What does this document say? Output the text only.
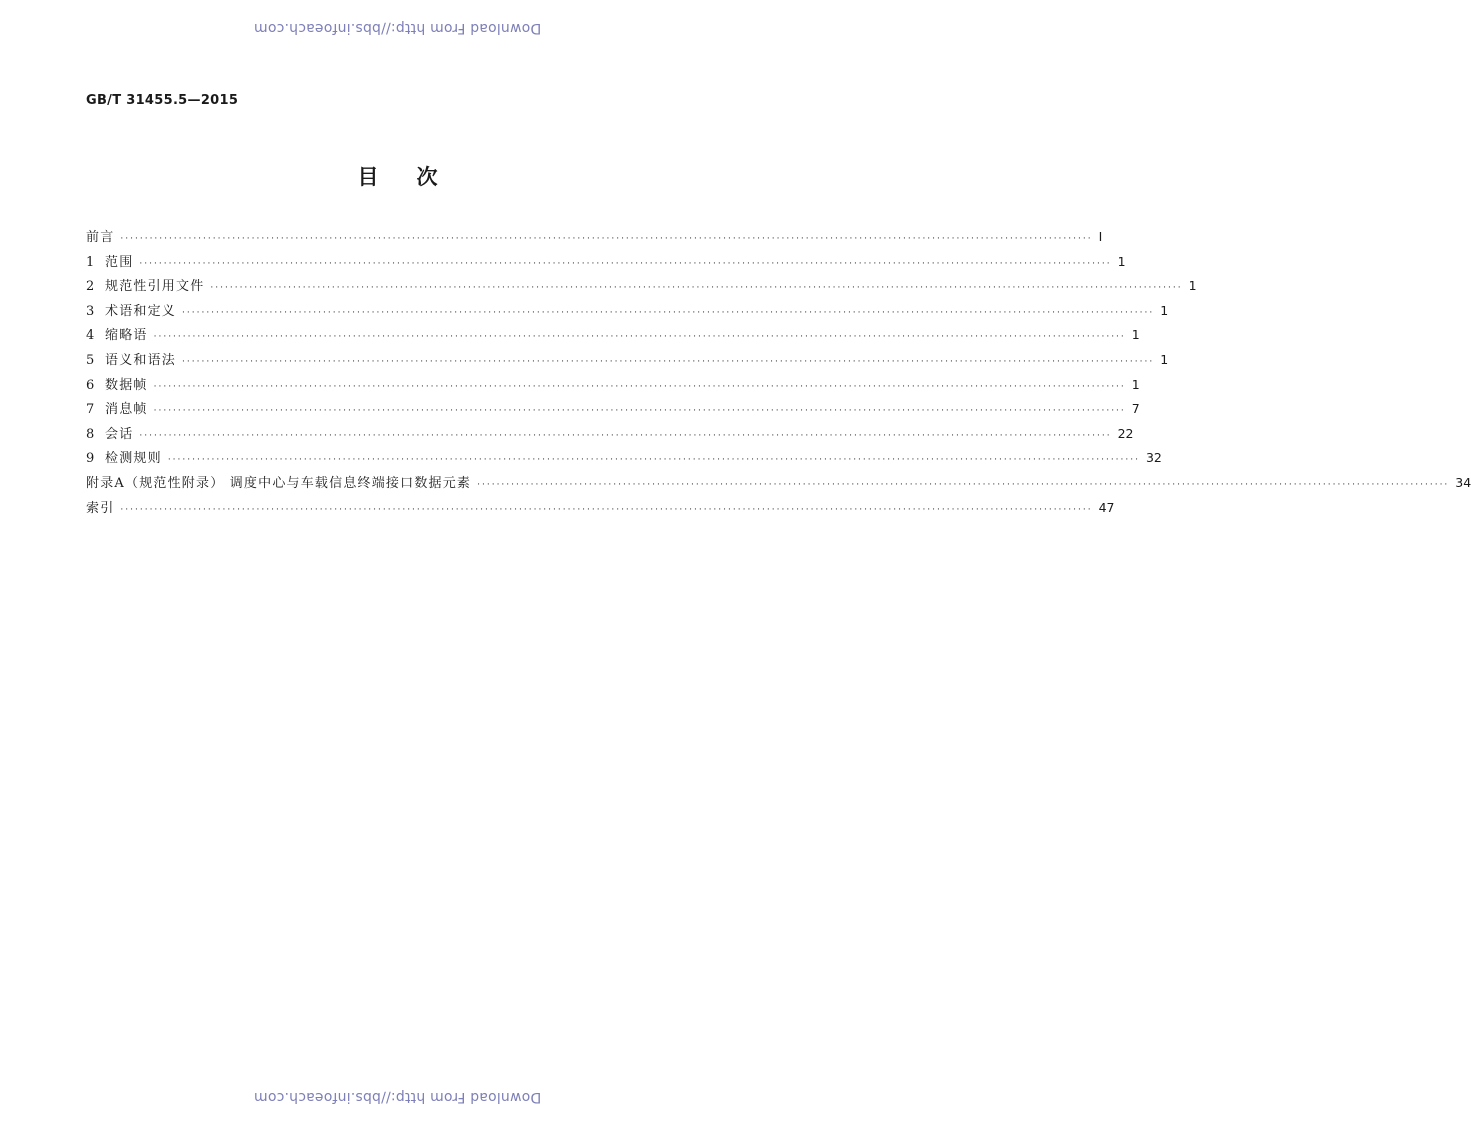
Download From http://bbs.infoeach.com
GB/T 31455.5—2015
目次
前言 ········································································································································································································ I
1 范围 ········································································································································································································ 1
2 规范性引用文件 ········································································································································································································ 1
3 术语和定义 ········································································································································································································ 1
4 缩略语 ········································································································································································································ 1
5 语义和语法 ········································································································································································································ 1
6 数据帧 ········································································································································································································ 1
7 消息帧 ········································································································································································································ 7
8 会话 ········································································································································································································ 22
9 检测规则 ········································································································································································································ 32
附录A（规范性附录） 调度中心与车载信息终端接口数据元素 ········································································································································································································ 34
索引 ········································································································································································································ 47
Download From http://bbs.infoeach.com
